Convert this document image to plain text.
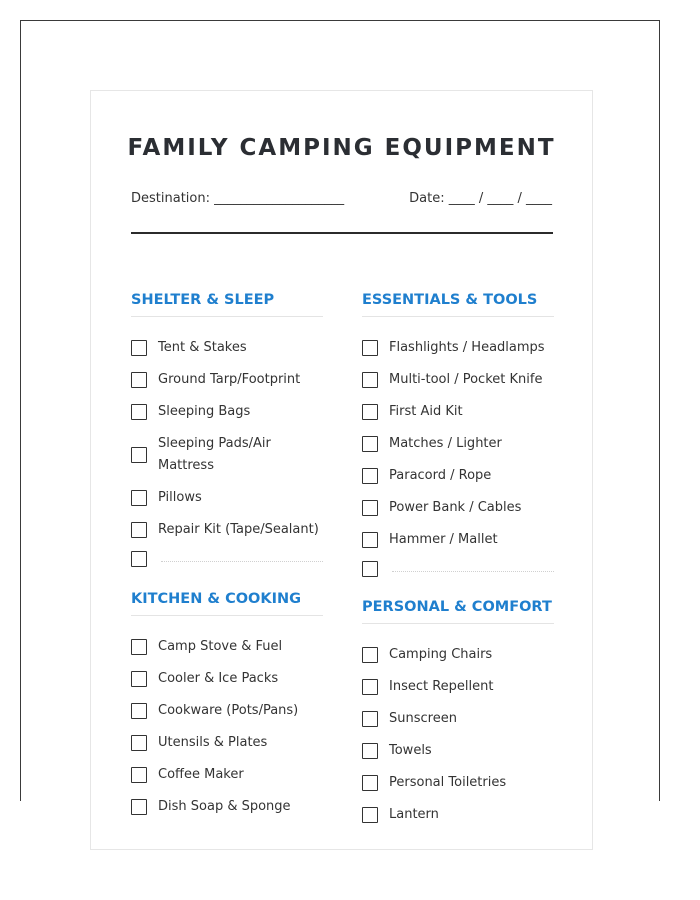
FAMILY CAMPING EQUIPMENT
Destination: ____________________	Date: ____ / ____ / ____
SHELTER & SLEEP
Tent & Stakes
Ground Tarp/Footprint
Sleeping Bags
Sleeping Pads/Air Mattress
Pillows
Repair Kit (Tape/Sealant)
ESSENTIALS & TOOLS
Flashlights / Headlamps
Multi-tool / Pocket Knife
First Aid Kit
Matches / Lighter
Paracord / Rope
Power Bank / Cables
Hammer / Mallet
KITCHEN & COOKING
Camp Stove & Fuel
Cooler & Ice Packs
Cookware (Pots/Pans)
Utensils & Plates
Coffee Maker
Dish Soap & Sponge
PERSONAL & COMFORT
Camping Chairs
Insect Repellent
Sunscreen
Towels
Personal Toiletries
Lantern
